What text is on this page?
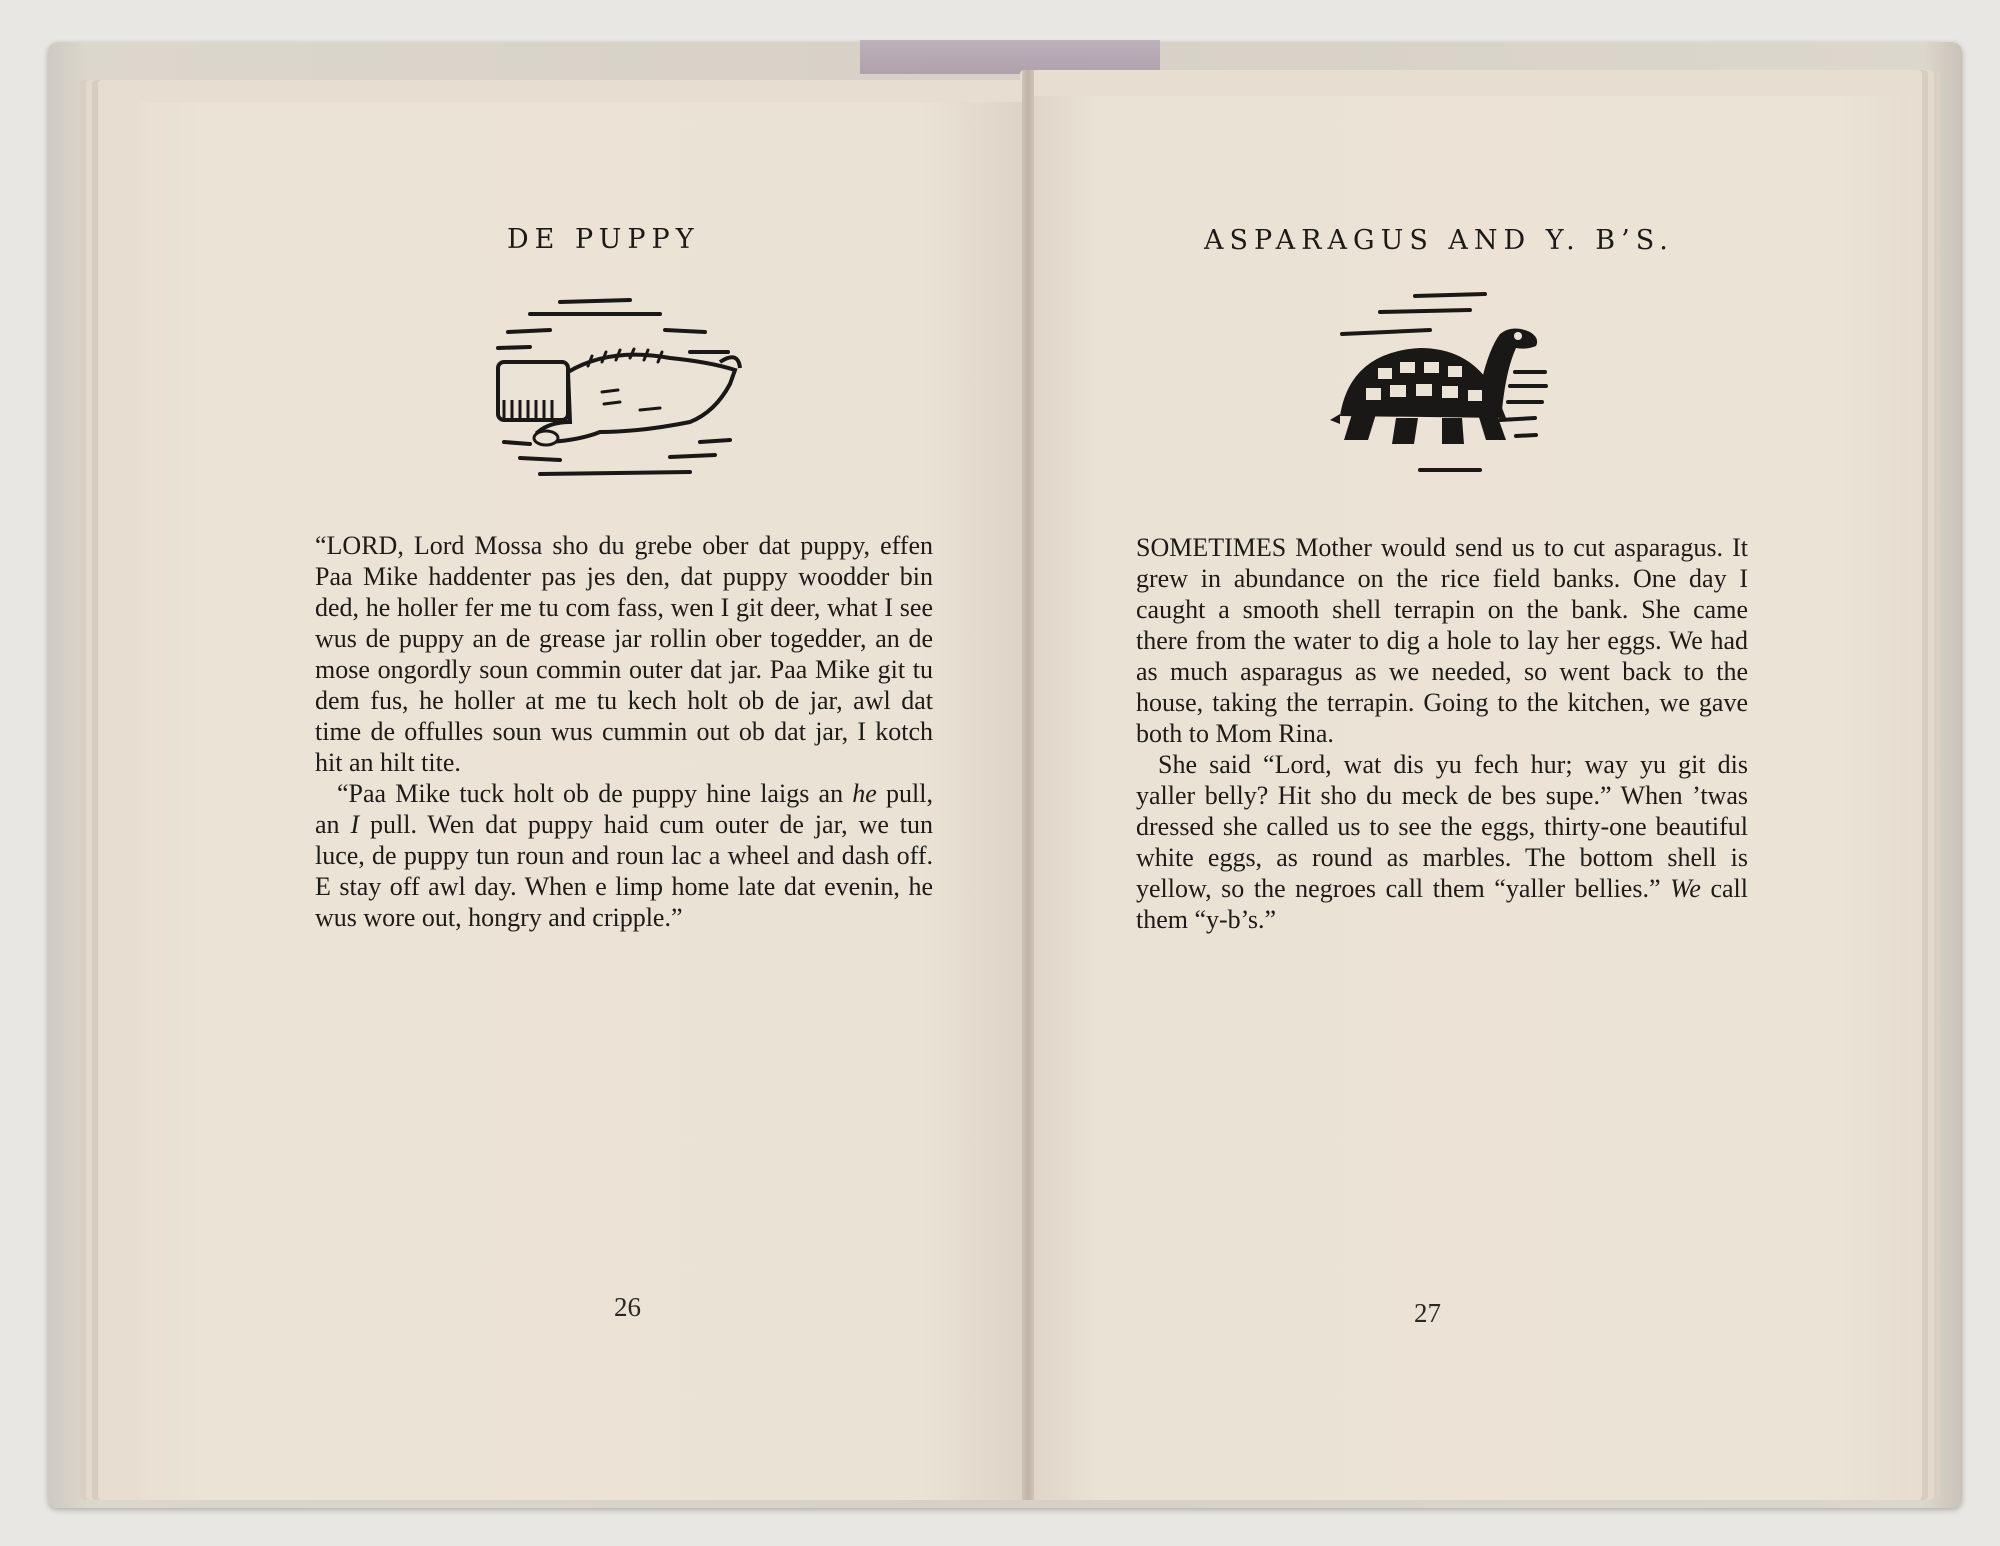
DE PUPPY

“LORD, Lord Mossa sho du grebe ober dat puppy, effen Paa Mike haddenter pas jes den, dat puppy woodder bin ded, he holler fer me tu com fass, wen I git deer, what I see wus de puppy an de grease jar rollin ober togedder, an de mose ongordly soun commin outer dat jar. Paa Mike git tu dem fus, he holler at me tu kech holt ob de jar, awl dat time de offulles soun wus cummin out ob dat jar, I kotch hit an hilt tite.

“Paa Mike tuck holt ob de puppy hine laigs an he pull, an I pull. Wen dat puppy haid cum outer de jar, we tun luce, de puppy tun roun and roun lac a wheel and dash off. E stay off awl day. When e limp home late dat evenin, he wus wore out, hongry and cripple.”

26
ASPARAGUS AND Y. B’S.

SOMETIMES Mother would send us to cut asparagus. It grew in abundance on the rice field banks. One day I caught a smooth shell terrapin on the bank. She came there from the water to dig a hole to lay her eggs. We had as much asparagus as we needed, so went back to the house, taking the terrapin. Going to the kitchen, we gave both to Mom Rina.

She said “Lord, wat dis yu fech hur; way yu git dis yaller belly? Hit sho du meck de bes supe.” When ’twas dressed she called us to see the eggs, thirty-one beautiful white eggs, as round as marbles. The bottom shell is yellow, so the negroes call them “yaller bellies.” We call them “y-b’s.”

27
